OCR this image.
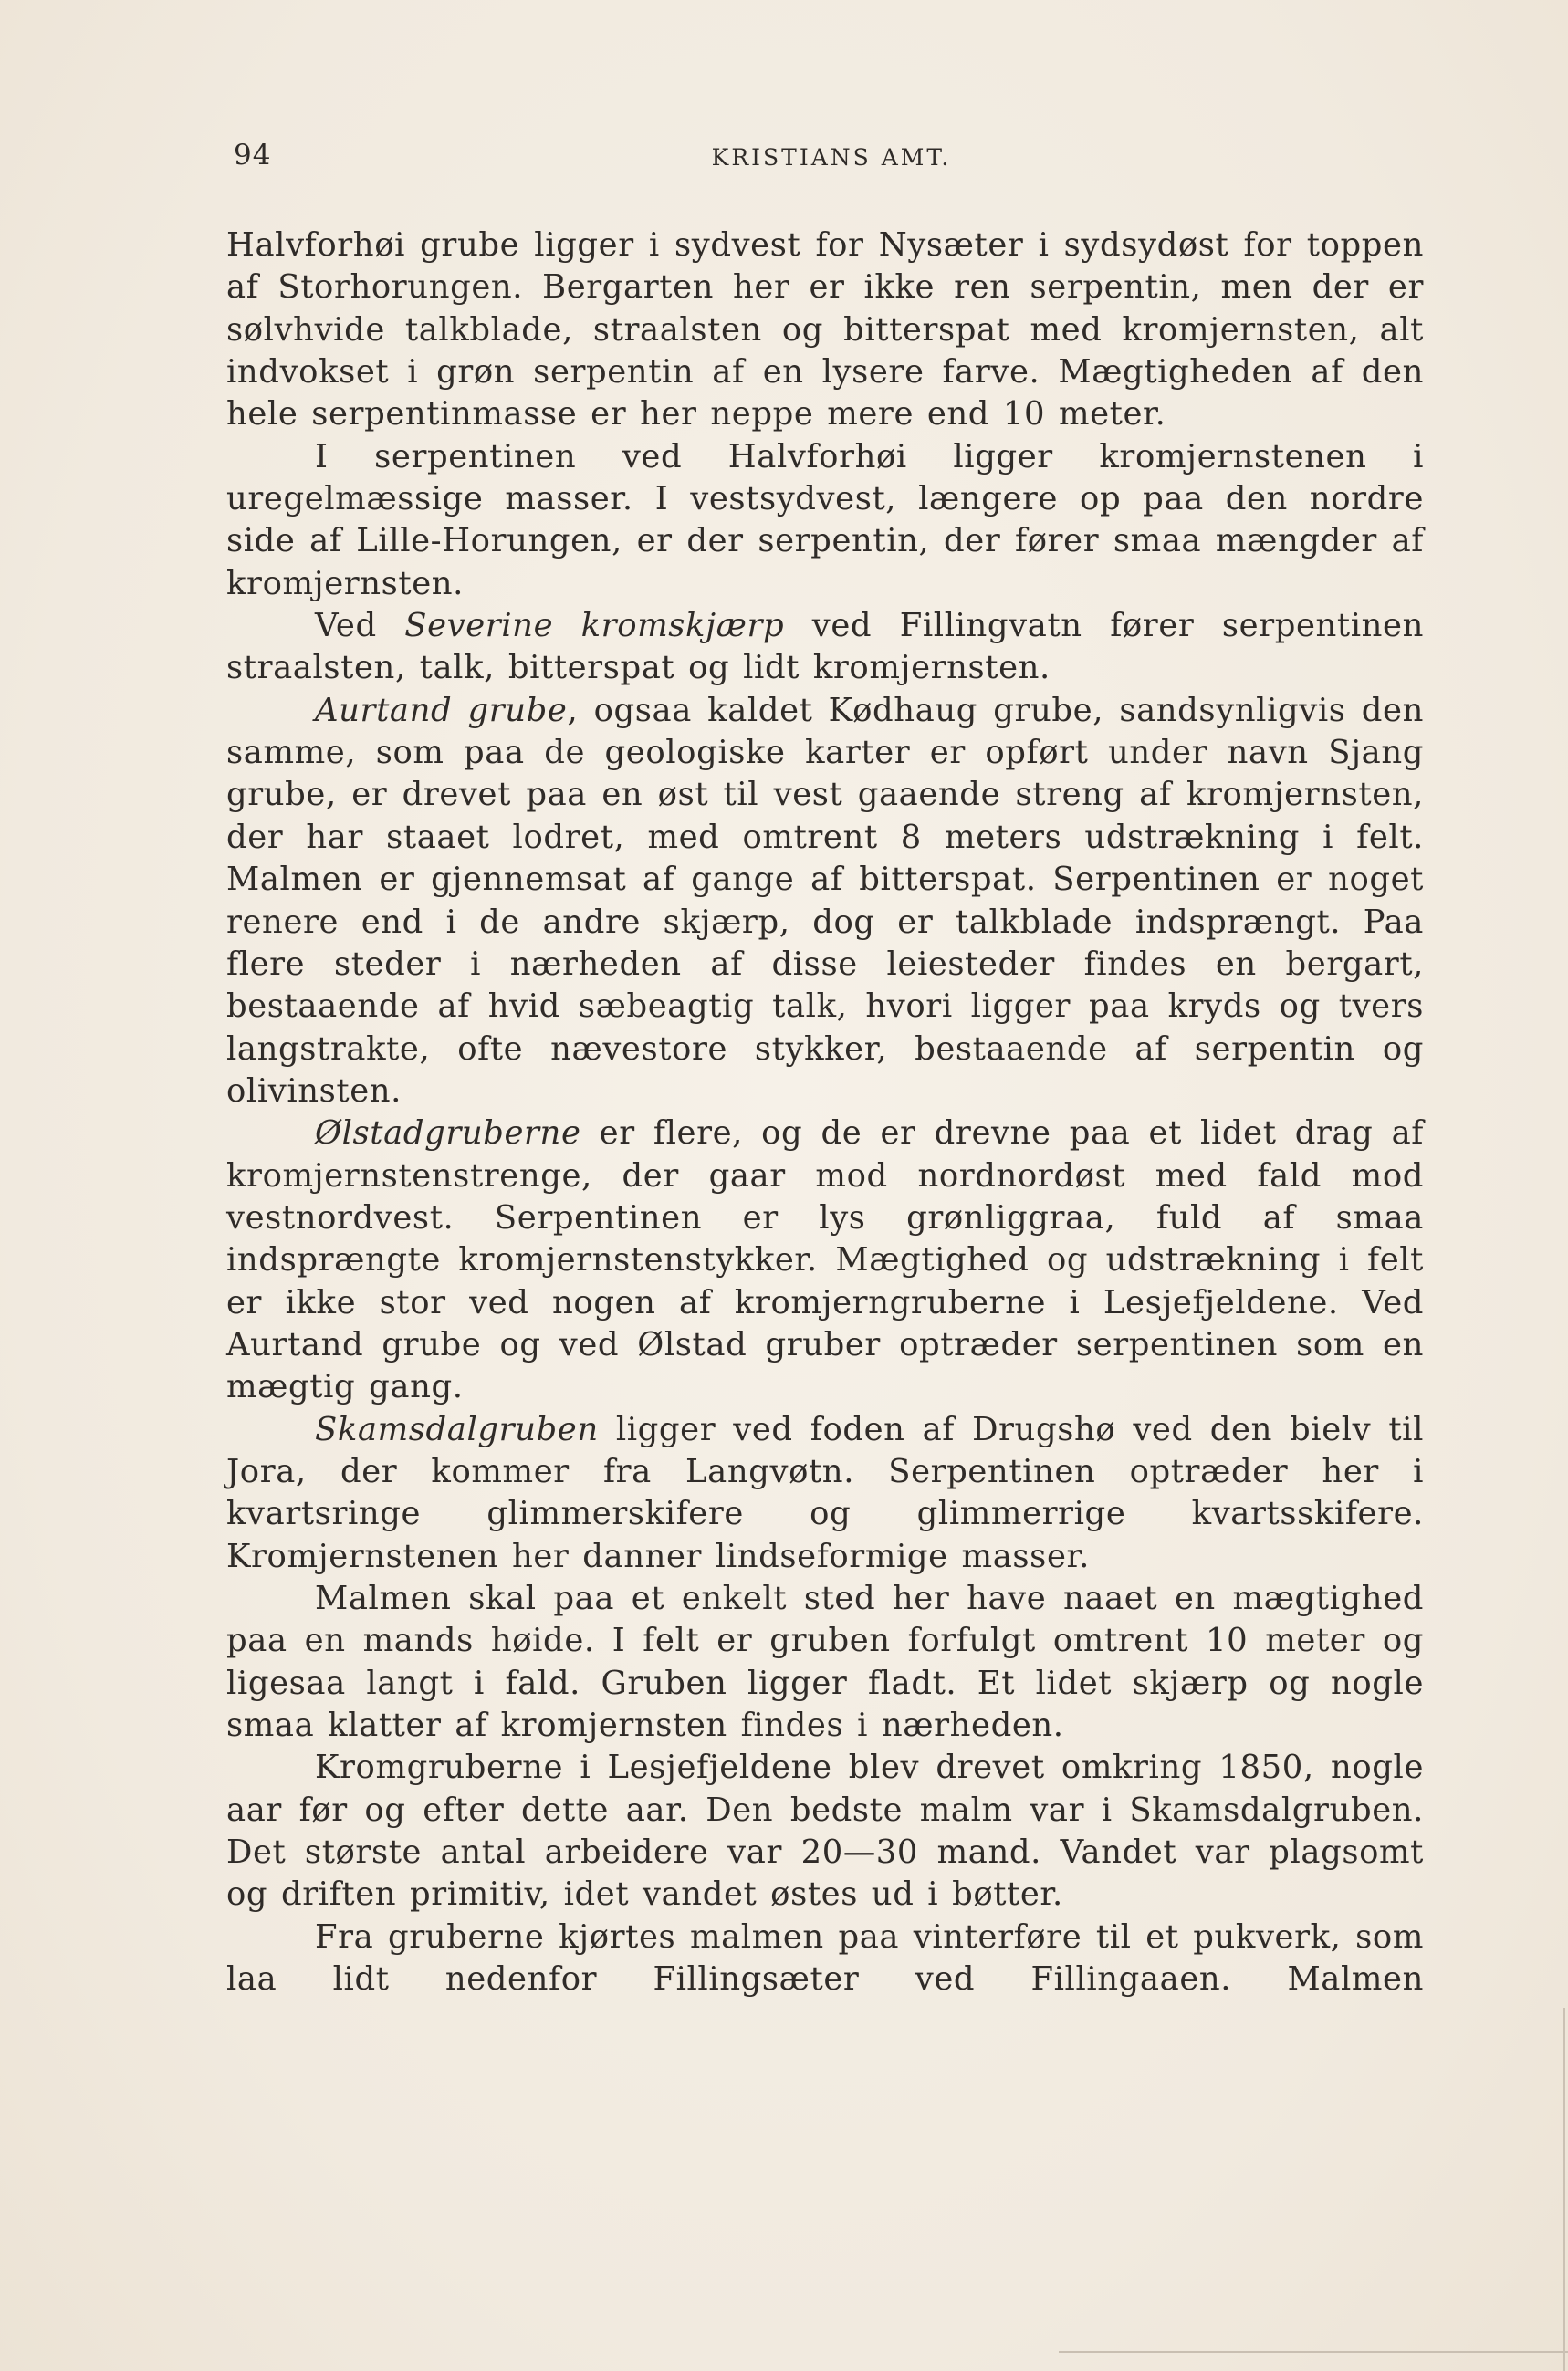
94	KRISTIANS AMT.

Halvforhøi grube ligger i sydvest for Nysæter i sydsydøst for toppen af Storhorungen. Bergarten her er ikke ren serpentin, men der er sølvhvide talkblade, straalsten og bitterspat med kromjernsten, alt indvokset i grøn serpentin af en lysere farve. Mægtigheden af den hele serpentinmasse er her neppe mere end 10 meter.

I serpentinen ved Halvforhøi ligger kromjernstenen i uregelmæssige masser. I vestsydvest, længere op paa den nordre side af Lille-Horungen, er der serpentin, der fører smaa mængder af kromjernsten.

Ved Severine kromskjærp ved Fillingvatn fører serpentinen straalsten, talk, bitterspat og lidt kromjernsten.

Aurtand grube, ogsaa kaldet Kødhaug grube, sandsynligvis den samme, som paa de geologiske karter er opført under navn Sjang grube, er drevet paa en øst til vest gaaende streng af kromjernsten, der har staaet lodret, med omtrent 8 meters udstrækning i felt. Malmen er gjennemsat af gange af bitterspat. Serpentinen er noget renere end i de andre skjærp, dog er talkblade indsprængt. Paa flere steder i nærheden af disse leiesteder findes en bergart, bestaaende af hvid sæbeagtig talk, hvori ligger paa kryds og tvers langstrakte, ofte nævestore stykker, bestaaende af serpentin og olivinsten.

Ølstadgruberne er flere, og de er drevne paa et lidet drag af kromjernstenstrenge, der gaar mod nordnordøst med fald mod vestnordvest. Serpentinen er lys grønliggraa, fuld af smaa indsprængte kromjernstenstykker. Mægtighed og udstrækning i felt er ikke stor ved nogen af kromjerngruberne i Lesjefjeldene. Ved Aurtand grube og ved Ølstad gruber optræder serpentinen som en mægtig gang.

Skamsdalgruben ligger ved foden af Drugshø ved den bielv til Jora, der kommer fra Langvøtn. Serpentinen optræder her i kvartsringe glimmerskifere og glimmerrige kvartsskifere. Kromjernstenen her danner lindseformige masser.

Malmen skal paa et enkelt sted her have naaet en mægtighed paa en mands høide. I felt er gruben forfulgt omtrent 10 meter og ligesaa langt i fald. Gruben ligger fladt. Et lidet skjærp og nogle smaa klatter af kromjernsten findes i nærheden.

Kromgruberne i Lesjefjeldene blev drevet omkring 1850, nogle aar før og efter dette aar. Den bedste malm var i Skamsdalgruben. Det største antal arbeidere var 20—30 mand. Vandet var plagsomt og driften primitiv, idet vandet østes ud i bøtter.

Fra gruberne kjørtes malmen paa vinterføre til et pukverk, som laa lidt nedenfor Fillingsæter ved Fillingaaen. Malmen
